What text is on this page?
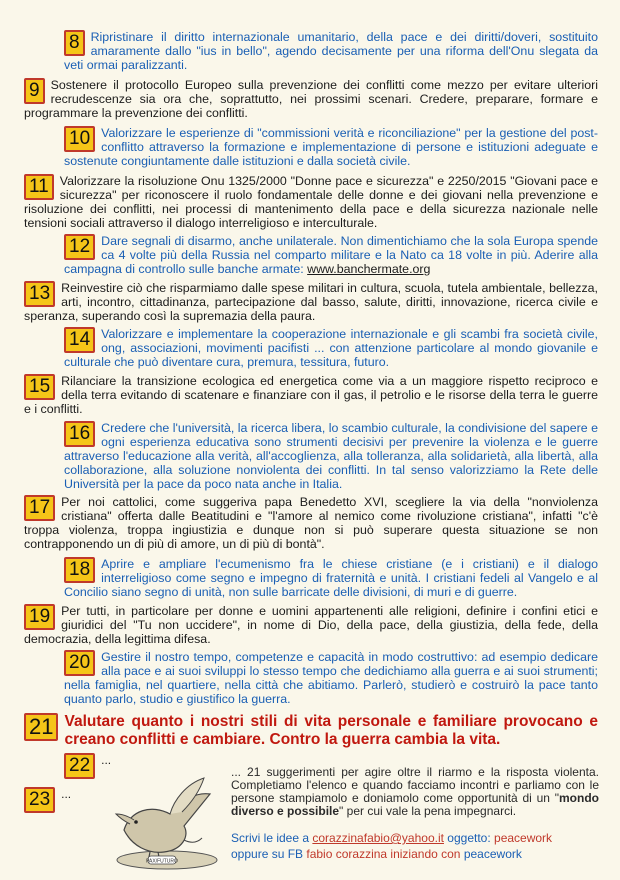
8 Ripristinare il diritto internazionale umanitario, della pace e dei diritti/doveri, sostituito amaramente dallo "ius in bello", agendo decisamente per una riforma dell'Onu slegata da veti ormai paralizzanti.
9 Sostenere il protocollo Europeo sulla prevenzione dei conflitti come mezzo per evitare ulteriori recrudescenze sia ora che, soprattutto, nei prossimi scenari. Credere, preparare, formare e programmare la prevenzione dei conflitti.
10 Valorizzare le esperienze di "commissioni verità e riconciliazione" per la gestione del post-conflitto attraverso la formazione e implementazione di persone e istituzioni adeguate e sostenute congiuntamente dalle istituzioni e dalla società civile.
11 Valorizzare la risoluzione Onu 1325/2000 "Donne pace e sicurezza" e 2250/2015 "Giovani pace e sicurezza" per riconoscere il ruolo fondamentale delle donne e dei giovani nella prevenzione e risoluzione dei conflitti, nei processi di mantenimento della pace e della sicurezza nazionale nelle tensioni sociali attraverso il dialogo interreligioso e interculturale.
12 Dare segnali di disarmo, anche unilaterale. Non dimentichiamo che la sola Europa spende ca 4 volte più della Russia nel comparto militare e la Nato ca 18 volte in più. Aderire alla campagna di controllo sulle banche armate: www.banchermate.org
13 Reinvestire ciò che risparmiamo dalle spese militari in cultura, scuola, tutela ambientale, bellezza, arti, incontro, cittadinanza, partecipazione dal basso, salute, diritti, innovazione, ricerca civile e speranza, superando così la supremazia della paura.
14 Valorizzare e implementare la cooperazione internazionale e gli scambi fra società civile, ong, associazioni, movimenti pacifisti ... con attenzione particolare al mondo giovanile e culturale che può diventare cura, premura, tessitura, futuro.
15 Rilanciare la transizione ecologica ed energetica come via a un maggiore rispetto reciproco e della terra evitando di scatenare e finanziare con il gas, il petrolio e le risorse della terra le guerre e i conflitti.
16 Credere che l'università, la ricerca libera, lo scambio culturale, la condivisione del sapere e ogni esperienza educativa sono strumenti decisivi per prevenire la violenza e le guerre attraverso l'educazione alla verità, all'accoglienza, alla tolleranza, alla solidarietà, alla libertà, alla collaborazione, alla soluzione nonviolenta dei conflitti. In tal senso valorizziamo la Rete delle Università per la pace da poco nata anche in Italia.
17 Per noi cattolici, come suggeriva papa Benedetto XVI, scegliere la via della "nonviolenza cristiana" offerta dalle Beatitudini e "l'amore al nemico come rivoluzione cristiana", infatti "c'è troppa violenza, troppa ingiustizia e dunque non si può superare questa situazione se non contrapponendo un di più di amore, un di più di bontà".
18 Aprire e ampliare l'ecumenismo fra le chiese cristiane (e i cristiani) e il dialogo interreligioso come segno e impegno di fraternità e unità. I cristiani fedeli al Vangelo e al Concilio siano segno di unità, non sulle barricate delle divisioni, di muri e di guerre.
19 Per tutti, in particolare per donne e uomini appartenenti alle religioni, definire i confini etici e giuridici del "Tu non uccidere", in nome di Dio, della pace, della giustizia, della fede, della democrazia, della legittima difesa.
20 Gestire il nostro tempo, competenze e capacità in modo costruttivo: ad esempio dedicare alla pace e ai suoi sviluppi lo stesso tempo che dedichiamo alla guerra e ai suoi strumenti; nella famiglia, nel quartiere, nella città che abitiamo. Parlerò, studierò e costruirò la pace tanto quanto parlo, studio e giustifico la guerra.
21 Valutare quanto i nostri stili di vita personale e familiare provocano e creano conflitti e cambiare. Contro la guerra cambia la vita.
22 ...
23 ...
PAX/FUTURO
... 21 suggerimenti per agire oltre il riarmo e la risposta violenta. Completiamo l'elenco e quando facciamo incontri e parliamo con le persone stampiamolo e doniamolo come opportunità di un "mondo diverso e possibile" per cui vale la pena impegnarci.
Scrivi le idee a corazzinafabio@yahoo.it oggetto: peacework
oppure su FB fabio corazzina iniziando con peacework
